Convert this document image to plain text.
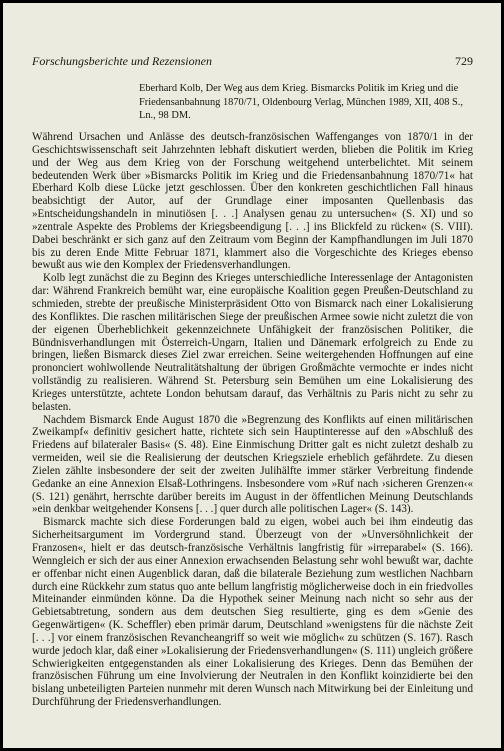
Forschungsberichte und Rezensionen	729
Eberhard Kolb, Der Weg aus dem Krieg. Bismarcks Politik im Krieg und die Friedensanbahnung 1870/71, Oldenbourg Verlag, München 1989, XII, 408 S., Ln., 98 DM.

Während Ursachen und Anlässe des deutsch-französischen Waffenganges von 1870/1 in der Geschichtswissenschaft seit Jahrzehnten lebhaft diskutiert werden, blieben die Politik im Krieg und der Weg aus dem Krieg von der Forschung weitgehend unterbelichtet. Mit seinem bedeutenden Werk über »Bismarcks Politik im Krieg und die Friedensanbahnung 1870/71« hat Eberhard Kolb diese Lücke jetzt geschlossen. Über den konkreten geschichtlichen Fall hinaus beabsichtigt der Autor, auf der Grundlage einer imposanten Quellenbasis das »Entscheidungshandeln in minutiösen [. . .] Analysen genau zu untersuchen« (S. XI) und so »zentrale Aspekte des Problems der Kriegsbeendigung [. . .] ins Blickfeld zu rücken« (S. VIII). Dabei beschränkt er sich ganz auf den Zeitraum vom Beginn der Kampfhandlungen im Juli 1870 bis zu deren Ende Mitte Februar 1871, klammert also die Vorgeschichte des Krieges ebenso bewußt aus wie den Komplex der Friedensverhandlungen.

Kolb legt zunächst die zu Beginn des Krieges unterschiedliche Interessenlage der Antagonisten dar: Während Frankreich bemüht war, eine europäische Koalition gegen Preußen-Deutschland zu schmieden, strebte der preußische Ministerpräsident Otto von Bismarck nach einer Lokalisierung des Konfliktes. Die raschen militärischen Siege der preußischen Armee sowie nicht zuletzt die von der eigenen Überheblichkeit gekennzeichnete Unfähigkeit der französischen Politiker, die Bündnisverhandlungen mit Österreich-Ungarn, Italien und Dänemark erfolgreich zu Ende zu bringen, ließen Bismarck dieses Ziel zwar erreichen. Seine weitergehenden Hoffnungen auf eine prononciert wohlwollende Neutralitätshaltung der übrigen Großmächte vermochte er indes nicht vollständig zu realisieren. Während St. Petersburg sein Bemühen um eine Lokalisierung des Krieges unterstützte, achtete London behutsam darauf, das Verhältnis zu Paris nicht zu sehr zu belasten.

Nachdem Bismarck Ende August 1870 die »Begrenzung des Konflikts auf einen militärischen Zweikampf« definitiv gesichert hatte, richtete sich sein Hauptinteresse auf den »Abschluß des Friedens auf bilateraler Basis« (S. 48). Eine Einmischung Dritter galt es nicht zuletzt deshalb zu vermeiden, weil sie die Realisierung der deutschen Kriegsziele erheblich gefährdete. Zu diesen Zielen zählte insbesondere der seit der zweiten Julihälfte immer stärker Verbreitung findende Gedanke an eine Annexion Elsaß-Lothringens. Insbesondere vom »Ruf nach ›sicheren Grenzen‹« (S. 121) genährt, herrschte darüber bereits im August in der öffentlichen Meinung Deutschlands »ein denkbar weitgehender Konsens [. . .] quer durch alle politischen Lager« (S. 143).

Bismarck machte sich diese Forderungen bald zu eigen, wobei auch bei ihm eindeutig das Sicherheitsargument im Vordergrund stand. Überzeugt von der »Unversöhnlichkeit der Franzosen«, hielt er das deutsch-französische Verhältnis langfristig für »irreparabel« (S. 166). Wenngleich er sich der aus einer Annexion erwachsenden Belastung sehr wohl bewußt war, dachte er offenbar nicht einen Augenblick daran, daß die bilaterale Beziehung zum westlichen Nachbarn durch eine Rückkehr zum status quo ante bellum langfristig möglicherweise doch in ein friedvolles Miteinander einmünden könne. Da die Hypothek seiner Meinung nach nicht so sehr aus der Gebietsabtretung, sondern aus dem deutschen Sieg resultierte, ging es dem »Genie des Gegenwärtigen« (K. Scheffler) eben primär darum, Deutschland »wenigstens für die nächste Zeit [. . .] vor einem französischen Revancheangriff so weit wie möglich« zu schützen (S. 167). Rasch wurde jedoch klar, daß einer »Lokalisierung der Friedensverhandlungen« (S. 111) ungleich größere Schwierigkeiten entgegenstanden als einer Lokalisierung des Krieges. Denn das Bemühen der französischen Führung um eine Involvierung der Neutralen in den Konflikt koinzidierte bei den bislang unbeteiligten Parteien nunmehr mit deren Wunsch nach Mitwirkung bei der Einleitung und Durchführung der Friedensverhandlungen.
